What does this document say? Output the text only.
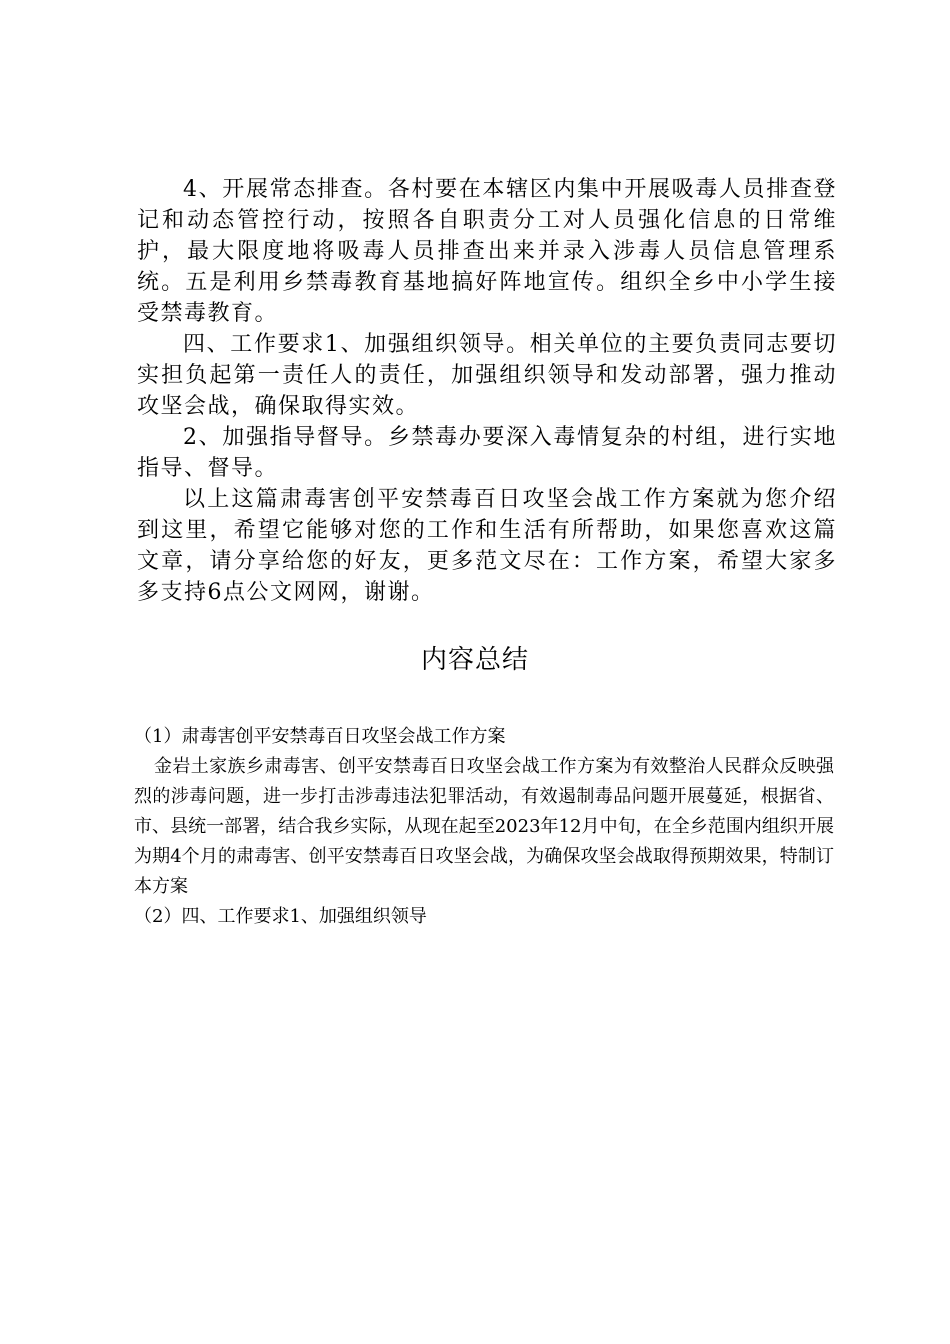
4、开展常态排查。各村要在本辖区内集中开展吸毒人员排查登记和动态管控行动，按照各自职责分工对人员强化信息的日常维护，最大限度地将吸毒人员排查出来并录入涉毒人员信息管理系统。五是利用乡禁毒教育基地搞好阵地宣传。组织全乡中小学生接受禁毒教育。

四、工作要求1、加强组织领导。相关单位的主要负责同志要切实担负起第一责任人的责任，加强组织领导和发动部署，强力推动攻坚会战，确保取得实效。

2、加强指导督导。乡禁毒办要深入毒情复杂的村组，进行实地指导、督导。

以上这篇肃毒害创平安禁毒百日攻坚会战工作方案就为您介绍到这里，希望它能够对您的工作和生活有所帮助，如果您喜欢这篇文章，请分享给您的好友，更多范文尽在：工作方案，希望大家多多支持6点公文网网，谢谢。

内容总结

（1）肃毒害创平安禁毒百日攻坚会战工作方案

金岩土家族乡肃毒害、创平安禁毒百日攻坚会战工作方案为有效整治人民群众反映强烈的涉毒问题，进一步打击涉毒违法犯罪活动，有效遏制毒品问题开展蔓延，根据省、市、县统一部署，结合我乡实际，从现在起至2023年12月中旬，在全乡范围内组织开展为期4个月的肃毒害、创平安禁毒百日攻坚会战，为确保攻坚会战取得预期效果，特制订本方案

（2）四、工作要求1、加强组织领导
